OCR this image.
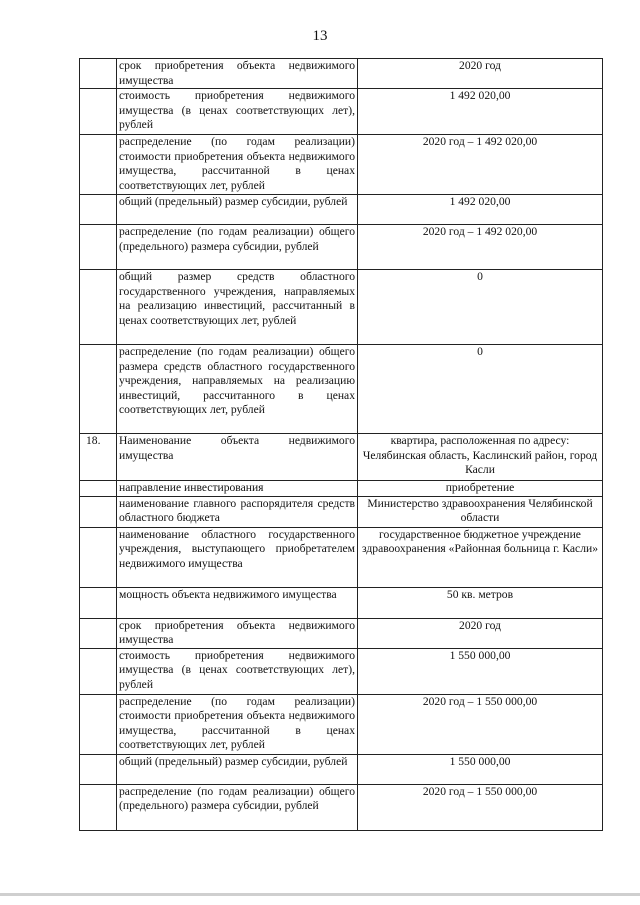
13
	срок приобретения объекта недвижимого имущества	2020 год
	стоимость приобретения недвижимого имущества (в ценах соответствующих лет), рублей	1 492 020,00
	распределение (по годам реализации) стоимости приобретения объекта недвижимого имущества, рассчитанной в ценах соответствующих лет, рублей	2020 год – 1 492 020,00
	общий (предельный) размер субсидии, рублей	1 492 020,00
	распределение (по годам реализации) общего (предельного) размера субсидии, рублей	2020 год – 1 492 020,00
	общий размер средств областного государственного учреждения, направляемых на реализацию инвестиций, рассчитанный в ценах соответствующих лет, рублей	0
	распределение (по годам реализации) общего размера средств областного государственного учреждения, направляемых на реализацию инвестиций, рассчитанного в ценах соответствующих лет, рублей	0
18.	Наименование объекта недвижимого имущества	квартира, расположенная по адресу: Челябинская область, Каслинский район, город Касли
	направление инвестирования	приобретение
	наименование главного распорядителя средств областного бюджета	Министерство здравоохранения Челябинской области
	наименование областного государственного учреждения, выступающего приобретателем недвижимого имущества	государственное бюджетное учреждение здравоохранения «Районная больница г. Касли»
	мощность объекта недвижимого имущества	50 кв. метров
	срок приобретения объекта недвижимого имущества	2020 год
	стоимость приобретения недвижимого имущества (в ценах соответствующих лет), рублей	1 550 000,00
	распределение (по годам реализации) стоимости приобретения объекта недвижимого имущества, рассчитанной в ценах соответствующих лет, рублей	2020 год – 1 550 000,00
	общий (предельный) размер субсидии, рублей	1 550 000,00
	распределение (по годам реализации) общего (предельного) размера субсидии, рублей	2020 год – 1 550 000,00
